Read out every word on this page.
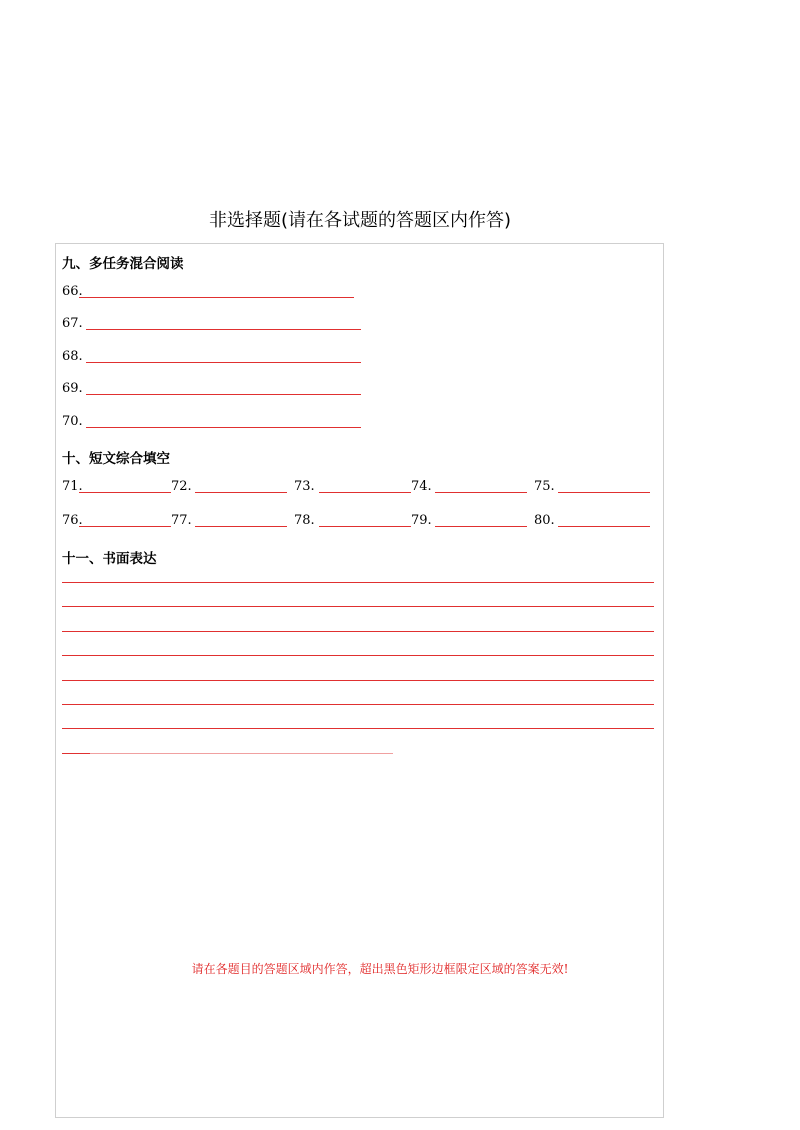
非选择题(请在各试题的答题区内作答)
九、多任务混合阅读
66.
67.
68.
69.
70.
十、短文综合填空
71.	72.	73.	74.	75.
76.	77.	78.	79.	80.
十一、书面表达
请在各题目的答题区域内作答，超出黑色矩形边框限定区域的答案无效!
